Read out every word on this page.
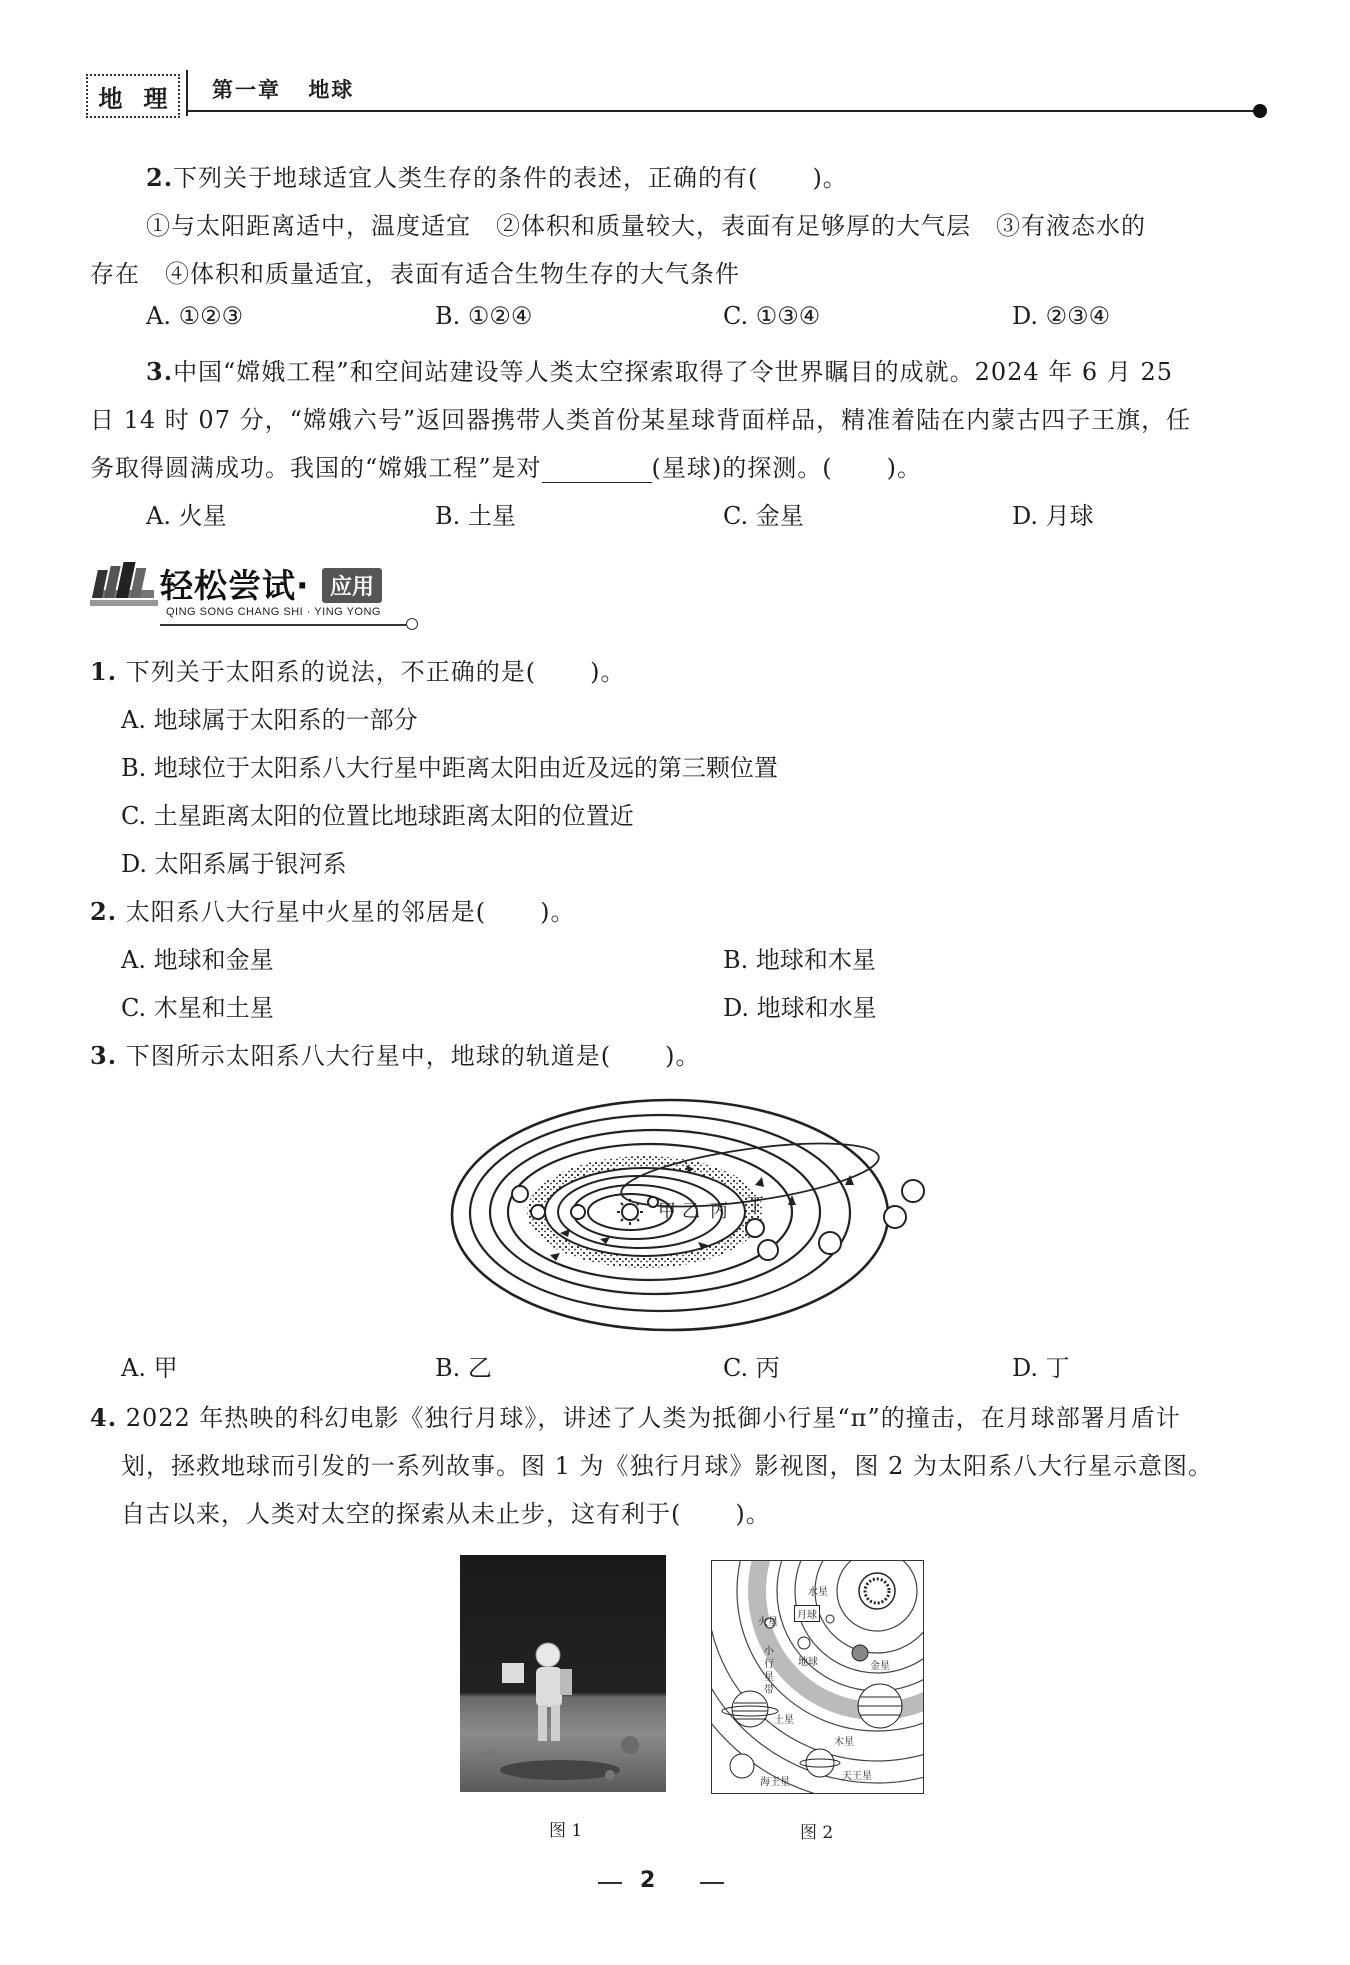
地 理 第一章 地球
2.下列关于地球适宜人类生存的条件的表述，正确的有( )。
①与太阳距离适中，温度适宜　②体积和质量较大，表面有足够厚的大气层　③有液态水的
存在　④体积和质量适宜，表面有适合生物生存的大气条件
A. ①②③	B. ①②④	C. ①③④	D. ②③④
3.中国“嫦娥工程”和空间站建设等人类太空探索取得了令世界瞩目的成就。2024 年 6 月 25
日 14 时 07 分，“嫦娥六号”返回器携带人类首份某星球背面样品，精准着陆在内蒙古四子王旗，任
务取得圆满成功。我国的“嫦娥工程”是对	(星球)的探测。( )。
A. 火星	B. 土星	C. 金星	D. 月球
轻松尝试· 应用
QING SONG CHANG SHI · YING YONG
1. 下列关于太阳系的说法，不正确的是( )。
A. 地球属于太阳系的一部分
B. 地球位于太阳系八大行星中距离太阳由近及远的第三颗位置
C. 土星距离太阳的位置比地球距离太阳的位置近
D. 太阳系属于银河系
2. 太阳系八大行星中火星的邻居是( )。
A. 地球和金星	B. 地球和木星
C. 木星和土星	D. 地球和水星
3. 下图所示太阳系八大行星中，地球的轨道是( )。
甲 乙 丙 丁
A. 甲	B. 乙	C. 丙	D. 丁
4. 2022 年热映的科幻电影《独行月球》，讲述了人类为抵御小行星“π”的撞击，在月球部署月盾计
划，拯救地球而引发的一系列故事。图 1 为《独行月球》影视图，图 2 为太阳系八大行星示意图。
自古以来，人类对太空的探索从未止步，这有利于( )。
图 1
水星
月球
火星
地球	金星
小行星带
土星
木星
海王星
天王星
图 2
2
